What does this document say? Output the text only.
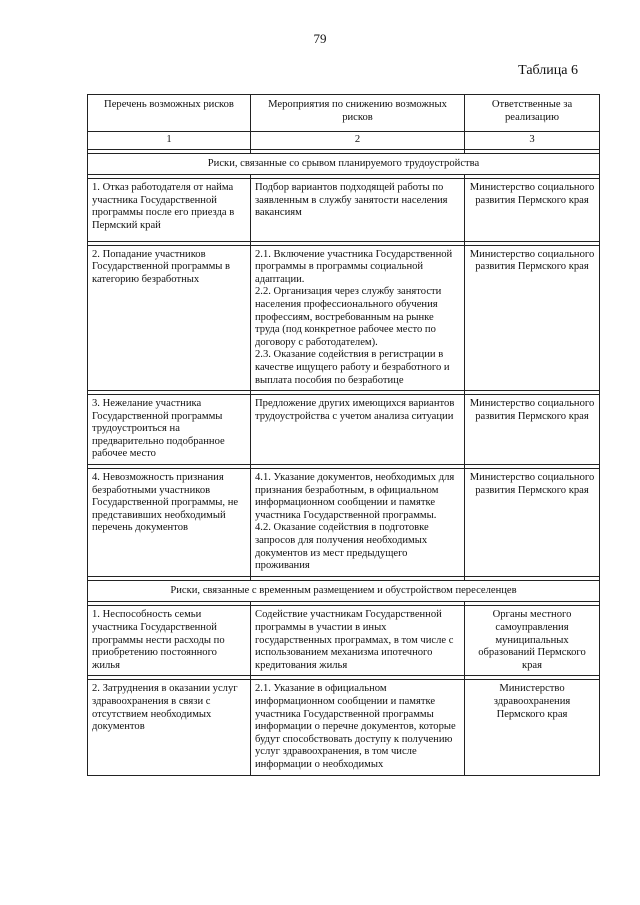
79
Таблица 6
Перечень возможных рисков	Мероприятия по снижению возможных рисков	Ответственные за реализацию
1	2	3

Риски, связанные со срывом планируемого трудоустройства		

1. Отказ работодателя от найма участника Государственной программы после его приезда в Пермский край	Подбор вариантов подходящей работы по заявленным в службу занятости населения вакансиям	Министерство социального развития Пермского края

2. Попадание участников Государственной программы в категорию безработных	2.1. Включение участника Государственной программы в программы социальной адаптации.
2.2. Организация через службу занятости населения профессионального обучения профессиям, востребованным на рынке труда (под конкретное рабочее место по договору с работодателем).
2.3. Оказание содействия в регистрации в качестве ищущего работу и безработного и выплата пособия по безработице	Министерство социального развития Пермского края

3. Нежелание участника Государственной программы трудоустроиться на предварительно подобранное рабочее место	Предложение других имеющихся вариантов трудоустройства с учетом анализа ситуации	Министерство социального развития Пермского края

4. Невозможность признания безработными участников Государственной программы, не представивших необходимый перечень документов	4.1. Указание документов, необходимых для признания безработным, в официальном информационном сообщении и памятке участника Государственной программы.
4.2. Оказание содействия в подготовке запросов для получения необходимых документов из мест предыдущего проживания	Министерство социального развития Пермского края

Риски, связанные с временным размещением и обустройством переселенцев		

1. Неспособность семьи участника Государственной программы нести расходы по приобретению постоянного жилья	Содействие участникам Государственной программы в участии в иных государственных программах, в том числе с использованием механизма ипотечного кредитования жилья	Органы местного самоуправления муниципальных образований Пермского края

2. Затруднения в оказании услуг здравоохранения в связи с отсутствием необходимых документов	2.1. Указание в официальном информационном сообщении и памятке участника Государственной программы информации о перечне документов, которые будут способствовать доступу к получению услуг здравоохранения, в том числе информации о необходимых	Министерство здравоохранения Пермского края
